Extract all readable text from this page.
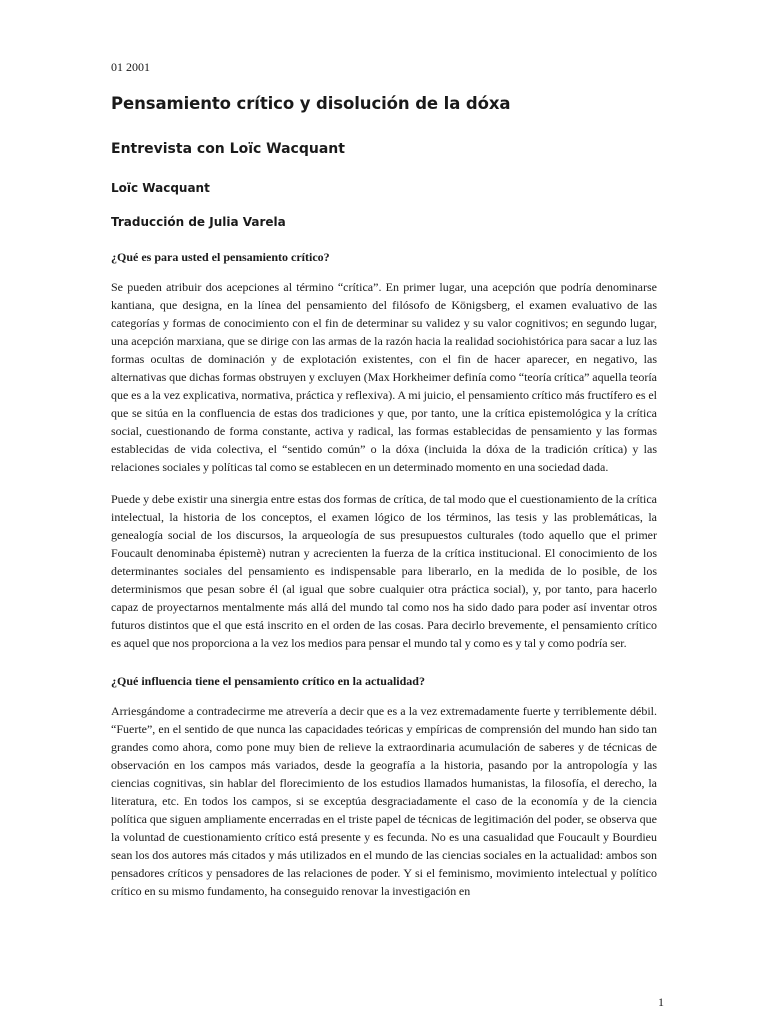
01 2001
Pensamiento crítico y disolución de la dóxa
Entrevista con Loïc Wacquant
Loïc Wacquant
Traducción de Julia Varela

¿Qué es para usted el pensamiento crítico?

Se pueden atribuir dos acepciones al término “crítica”. En primer lugar, una acepción que podría denominarse kantiana, que designa, en la línea del pensamiento del filósofo de Königsberg, el examen evaluativo de las categorías y formas de conocimiento con el fin de determinar su validez y su valor cognitivos; en segundo lugar, una acepción marxiana, que se dirige con las armas de la razón hacia la realidad sociohistórica para sacar a luz las formas ocultas de dominación y de explotación existentes, con el fin de hacer aparecer, en negativo, las alternativas que dichas formas obstruyen y excluyen (Max Horkheimer definía como “teoría crítica” aquella teoría que es a la vez explicativa, normativa, práctica y reflexiva). A mi juicio, el pensamiento crítico más fructífero es el que se sitúa en la confluencia de estas dos tradiciones y que, por tanto, une la crítica epistemológica y la crítica social, cuestionando de forma constante, activa y radical, las formas establecidas de pensamiento y las formas establecidas de vida colectiva, el “sentido común” o la dóxa (incluida la dóxa de la tradición crítica) y las relaciones sociales y políticas tal como se establecen en un determinado momento en una sociedad dada.

Puede y debe existir una sinergia entre estas dos formas de crítica, de tal modo que el cuestionamiento de la crítica intelectual, la historia de los conceptos, el examen lógico de los términos, las tesis y las problemáticas, la genealogía social de los discursos, la arqueología de sus presupuestos culturales (todo aquello que el primer Foucault denominaba épistemè) nutran y acrecienten la fuerza de la crítica institucional. El conocimiento de los determinantes sociales del pensamiento es indispensable para liberarlo, en la medida de lo posible, de los determinismos que pesan sobre él (al igual que sobre cualquier otra práctica social), y, por tanto, para hacerlo capaz de proyectarnos mentalmente más allá del mundo tal como nos ha sido dado para poder así inventar otros futuros distintos que el que está inscrito en el orden de las cosas. Para decirlo brevemente, el pensamiento crítico es aquel que nos proporciona a la vez los medios para pensar el mundo tal y como es y tal y como podría ser.

¿Qué influencia tiene el pensamiento crítico en la actualidad?

Arriesgándome a contradecirme me atrevería a decir que es a la vez extremadamente fuerte y terriblemente débil. “Fuerte”, en el sentido de que nunca las capacidades teóricas y empíricas de comprensión del mundo han sido tan grandes como ahora, como pone muy bien de relieve la extraordinaria acumulación de saberes y de técnicas de observación en los campos más variados, desde la geografía a la historia, pasando por la antropología y las ciencias cognitivas, sin hablar del florecimiento de los estudios llamados humanistas, la filosofía, el derecho, la literatura, etc. En todos los campos, si se exceptúa desgraciadamente el caso de la economía y de la ciencia política que siguen ampliamente encerradas en el triste papel de técnicas de legitimación del poder, se observa que la voluntad de cuestionamiento crítico está presente y es fecunda. No es una casualidad que Foucault y Bourdieu sean los dos autores más citados y más utilizados en el mundo de las ciencias sociales en la actualidad: ambos son pensadores críticos y pensadores de las relaciones de poder. Y si el feminismo, movimiento intelectual y político crítico en su mismo fundamento, ha conseguido renovar la investigación en

1
